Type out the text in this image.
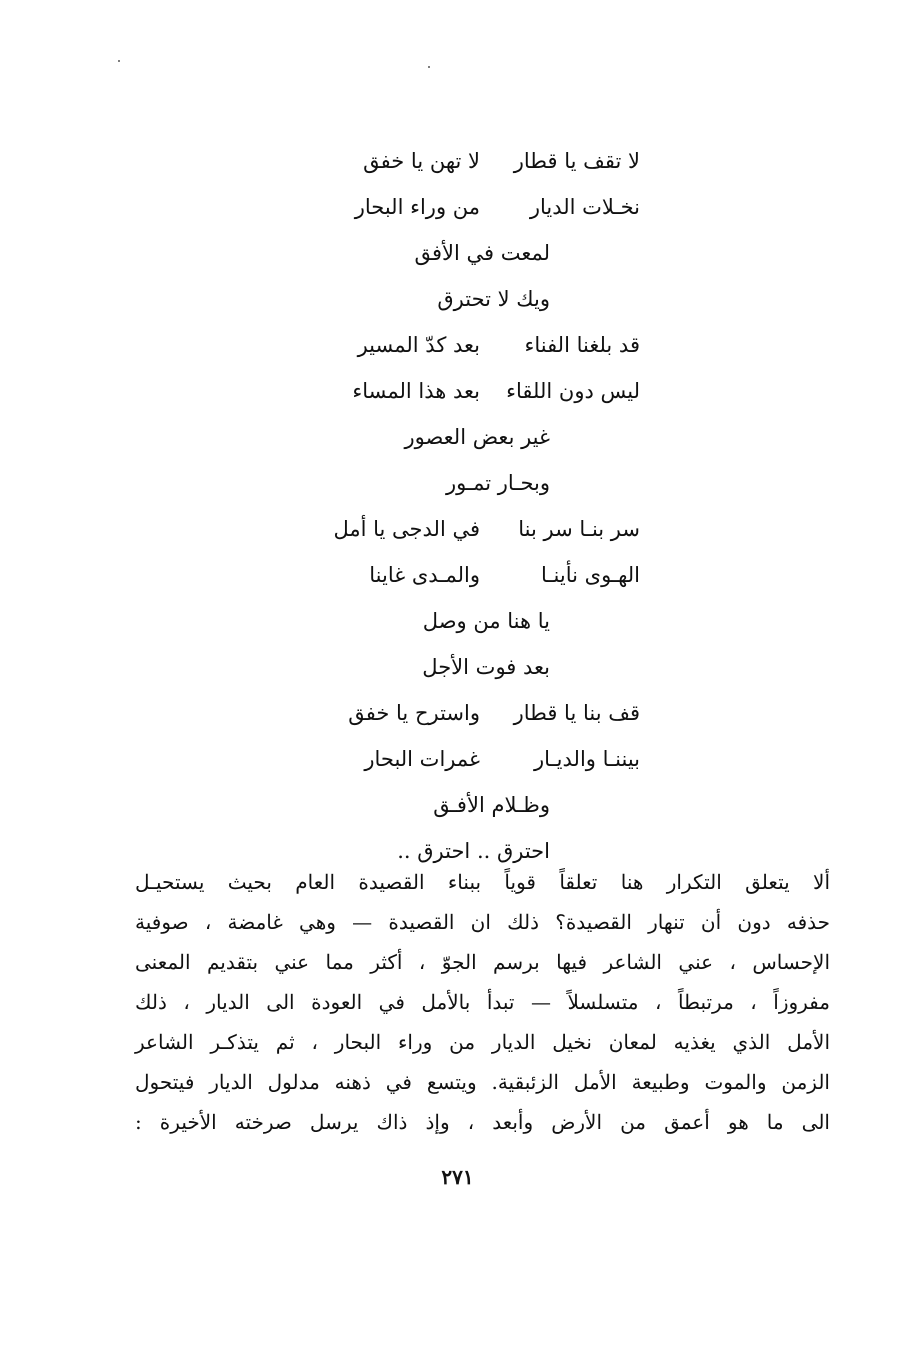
لا تقف يا قطار
لا تهن يا خفق
نخـلات الديار
من وراء البحار
لمعت في الأفق
ويك لا تحترق
قد بلغنا الفناء
بعد كدّ المسير
ليس دون اللقاء
بعد هذا المساء
غير بعض العصور
وبحـار تمـور
سر بنـا سر بنا
في الدجى يا أمل
الهـوى نأينـا
والمـدى غاينا
يا هنا من وصل
بعد فوت الأجل
قف بنا يا قطار
واسترح يا خفق
بيننـا والديـار
غمرات البحار
وظـلام الأفـق
احترق .. احترق ..
ألا يتعلق التكرار هنا تعلقاً قوياً ببناء القصيدة العام بحيث يستحيـل
حذفه دون أن تنهار القصيدة؟ ذلك ان القصيدة — وهي غامضة ، صوفية
الإحساس ، عني الشاعر فيها برسم الجوّ ، أكثر مما عني بتقديم المعنى
مفروزاً ، مرتبطاً ، متسلسلاً — تبدأ بالأمل في العودة الى الديار ، ذلك
الأمل الذي يغذيه لمعان نخيل الديار من وراء البحار ، ثم يتذكـر الشاعر
الزمن والموت وطبيعة الأمل الزئبقية. ويتسع في ذهنه مدلول الديار فيتحول
الى ما هو أعمق من الأرض وأبعد ، وإذ ذاك يرسل صرخته الأخيرة :
٢٧١
